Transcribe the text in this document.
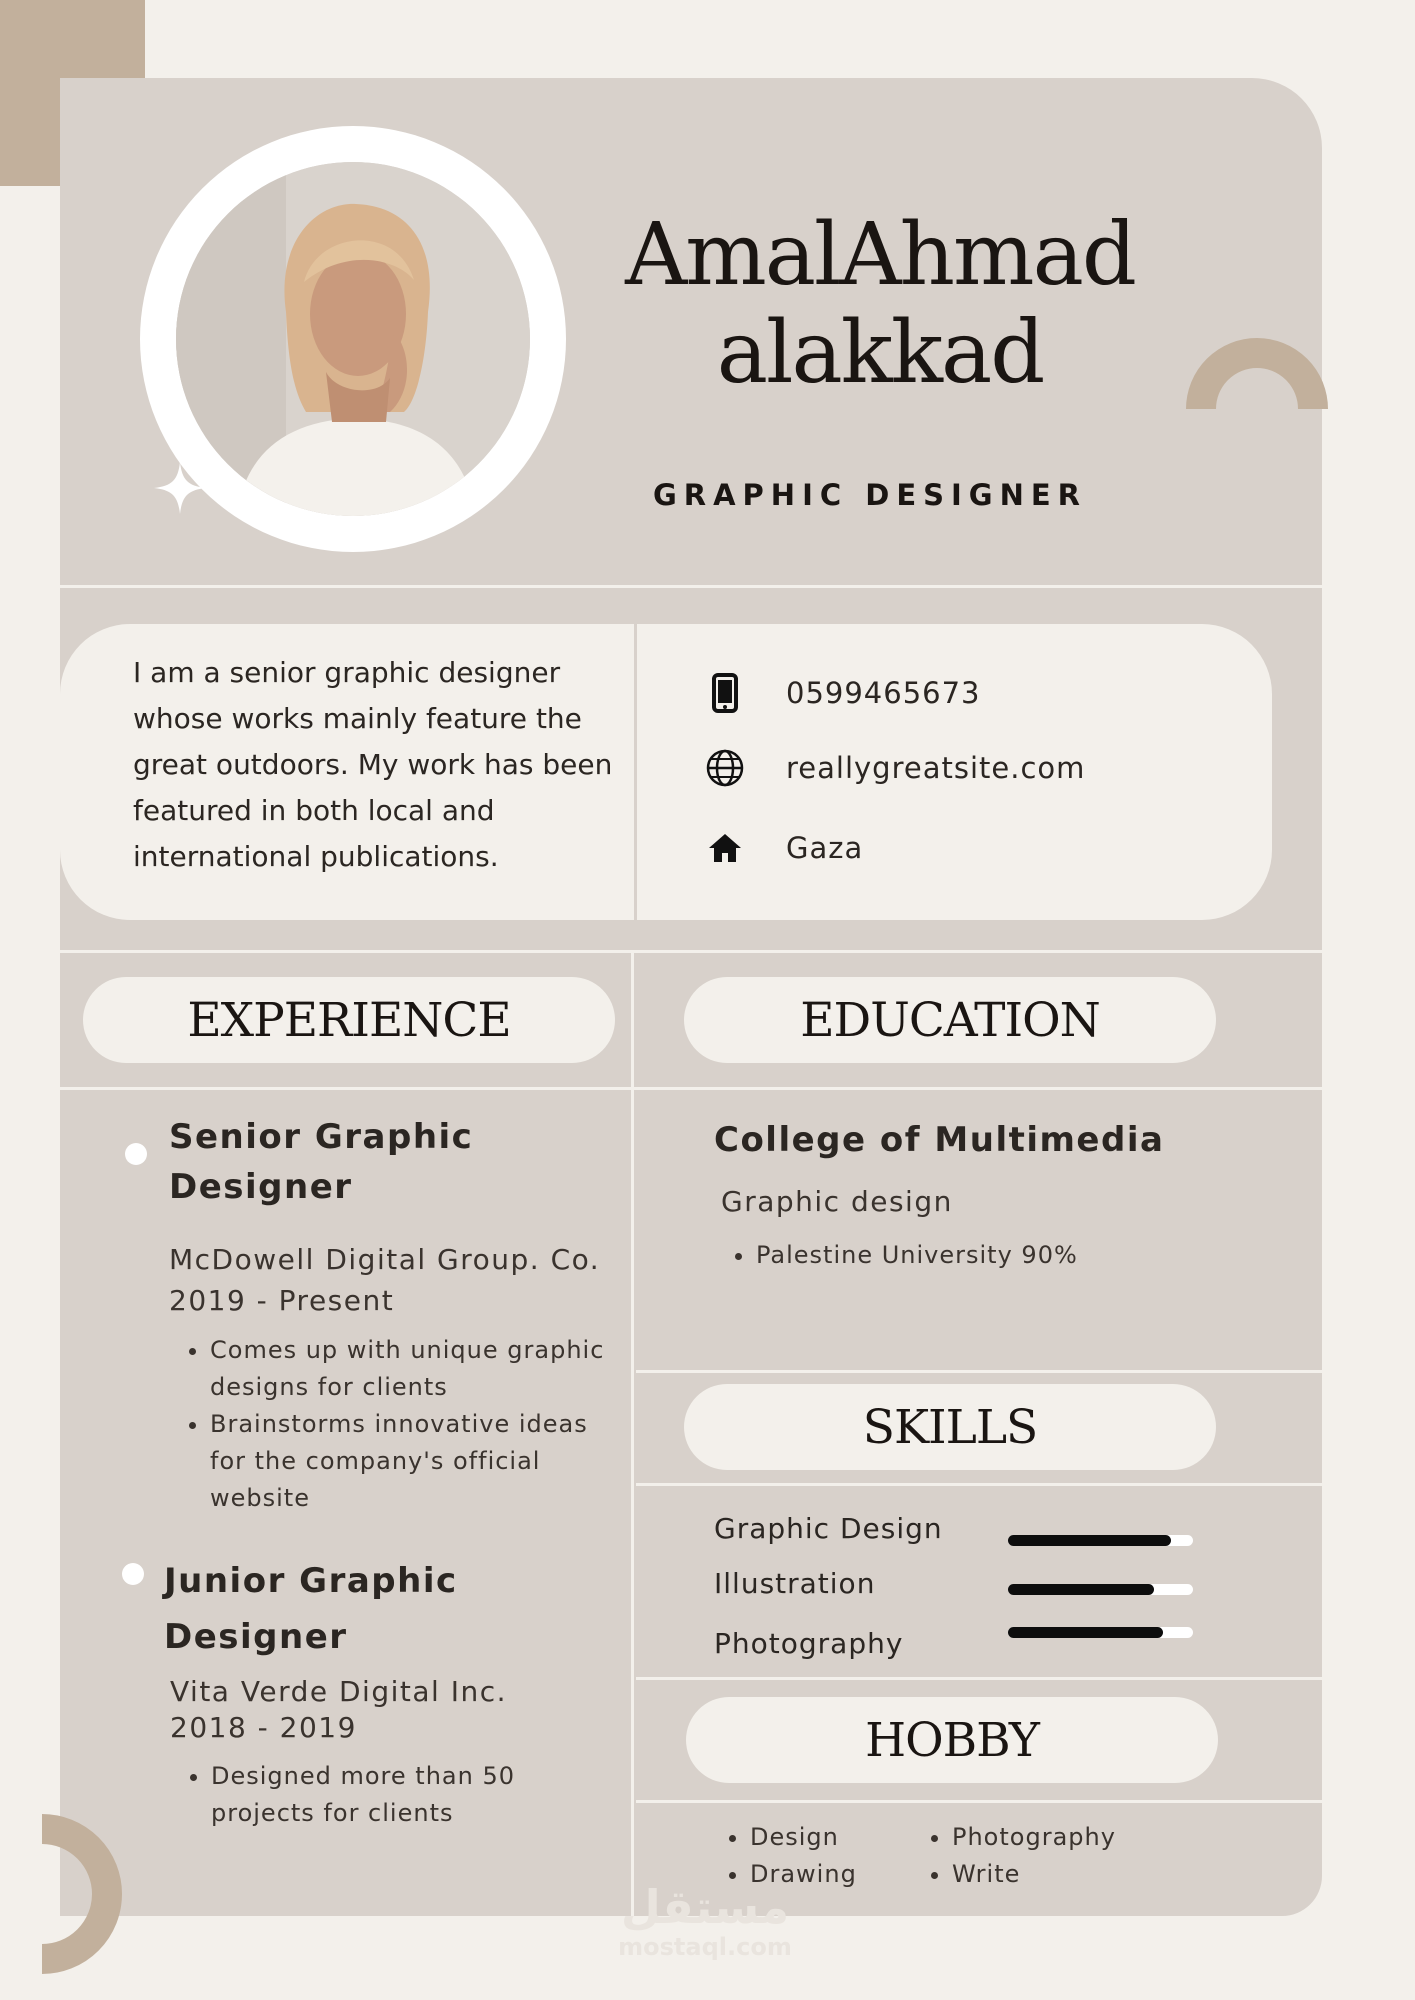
AmalAhmad
alakkad
GRAPHIC DESIGNER
I am a senior graphic designer whose works mainly feature the great outdoors. My work has been featured in both local and international publications.
0599465673
reallygreatsite.com
Gaza
EXPERIENCE	EDUCATION
SKILLS
HOBBY
Senior Graphic Designer
McDowell Digital Group. Co.
2019 - Present
• Comes up with unique graphic designs for clients
• Brainstorms innovative ideas for the company's official website
Junior Graphic Designer
Vita Verde Digital Inc.
2018 - 2019
• Designed more than 50 projects for clients
College of Multimedia
Graphic design
• Palestine University 90%
Graphic Design
Illustration
Photography
• Design
• Drawing
• Photography
• Write
مستقل
mostaql.com
